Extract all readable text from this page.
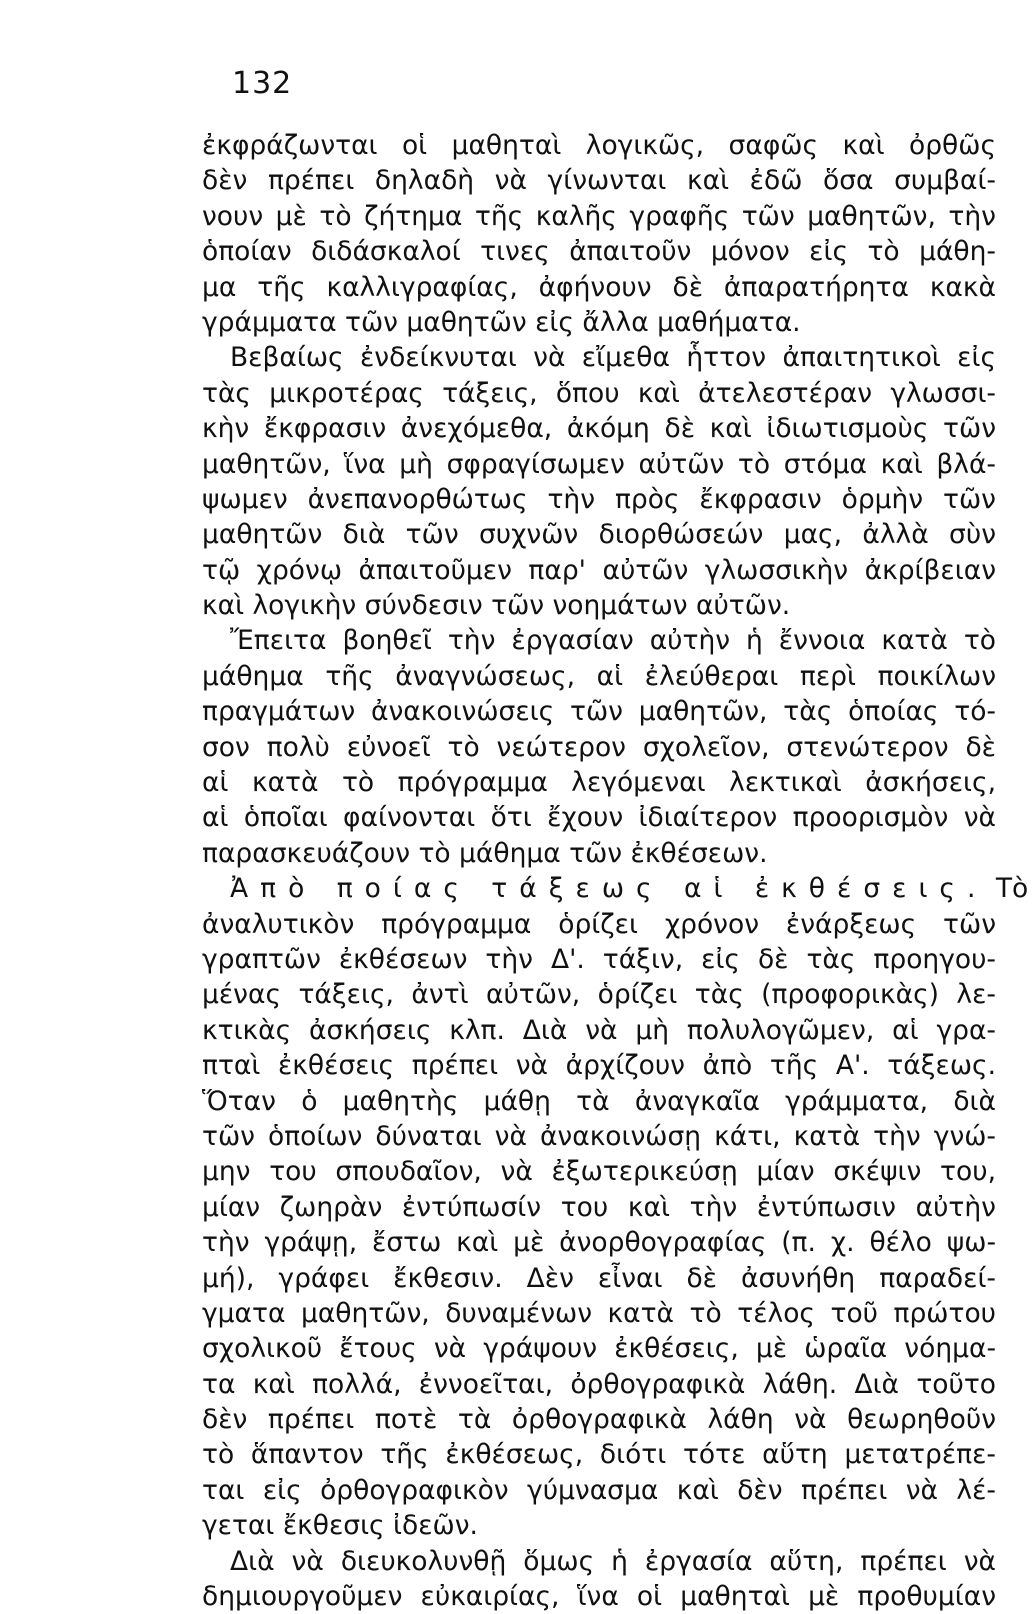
132
ἐκφράζωνται οἱ μαθηταὶ λογικῶς, σαφῶς καὶ ὀρθῶς
δὲν πρέπει δηλαδὴ νὰ γίνωνται καὶ ἐδῶ ὅσα συμβαί-
νουν μὲ τὸ ζήτημα τῆς καλῆς γραφῆς τῶν μαθητῶν, τὴν
ὁποίαν διδάσκαλοί τινες ἀπαιτοῦν μόνον εἰς τὸ μάθη-
μα τῆς καλλιγραφίας, ἀφήνουν δὲ ἀπαρατήρητα κακὰ
γράμματα τῶν μαθητῶν εἰς ἄλλα μαθήματα.
Βεβαίως ἐνδείκνυται νὰ εἴμεθα ἧττον ἀπαιτητικοὶ εἰς
τὰς μικροτέρας τάξεις, ὅπου καὶ ἀτελεστέραν γλωσσι-
κὴν ἔκφρασιν ἀνεχόμεθα, ἀκόμη δὲ καὶ ἰδιωτισμοὺς τῶν
μαθητῶν, ἵνα μὴ σφραγίσωμεν αὐτῶν τὸ στόμα καὶ βλά-
ψωμεν ἀνεπανορθώτως τὴν πρὸς ἔκφρασιν ὁρμὴν τῶν
μαθητῶν διὰ τῶν συχνῶν διορθώσεών μας, ἀλλὰ σὺν
τῷ χρόνῳ ἀπαιτοῦμεν παρ' αὐτῶν γλωσσικὴν ἀκρίβειαν
καὶ λογικὴν σύνδεσιν τῶν νοημάτων αὐτῶν.
Ἔπειτα βοηθεῖ τὴν ἐργασίαν αὐτὴν ἡ ἔννοια κατὰ τὸ
μάθημα τῆς ἀναγνώσεως, αἱ ἐλεύθεραι περὶ ποικίλων
πραγμάτων ἀνακοινώσεις τῶν μαθητῶν, τὰς ὁποίας τό-
σον πολὺ εὐνοεῖ τὸ νεώτερον σχολεῖον, στενώτερον δὲ
αἱ κατὰ τὸ πρόγραμμα λεγόμεναι λεκτικαὶ ἀσκήσεις,
αἱ ὁποῖαι φαίνονται ὅτι ἔχουν ἰδιαίτερον προορισμὸν νὰ
παρασκευάζουν τὸ μάθημα τῶν ἐκθέσεων.
Ἀπὸ ποίας τάξεως αἱ ἐκθέσεις. Τὸ
ἀναλυτικὸν πρόγραμμα ὁρίζει χρόνον ἐνάρξεως τῶν
γραπτῶν ἐκθέσεων τὴν Δ'. τάξιν, εἰς δὲ τὰς προηγου-
μένας τάξεις, ἀντὶ αὐτῶν, ὁρίζει τὰς (προφορικὰς) λε-
κτικὰς ἀσκήσεις κλπ. Διὰ νὰ μὴ πολυλογῶμεν, αἱ γρα-
πταὶ ἐκθέσεις πρέπει νὰ ἀρχίζουν ἀπὸ τῆς Α'. τάξεως.
Ὅταν ὁ μαθητὴς μάθῃ τὰ ἀναγκαῖα γράμματα, διὰ
τῶν ὁποίων δύναται νὰ ἀνακοινώσῃ κάτι, κατὰ τὴν γνώ-
μην του σπουδαῖον, νὰ ἐξωτερικεύσῃ μίαν σκέψιν του,
μίαν ζωηρὰν ἐντύπωσίν του καὶ τὴν ἐντύπωσιν αὐτὴν
τὴν γράψῃ, ἔστω καὶ μὲ ἀνορθογραφίας (π. χ. θέλο ψω-
μή), γράφει ἔκθεσιν. Δὲν εἶναι δὲ ἀσυνήθη παραδεί-
γματα μαθητῶν, δυναμένων κατὰ τὸ τέλος τοῦ πρώτου
σχολικοῦ ἔτους νὰ γράψουν ἐκθέσεις, μὲ ὡραῖα νόημα-
τα καὶ πολλά, ἐννοεῖται, ὀρθογραφικὰ λάθη. Διὰ τοῦτο
δὲν πρέπει ποτὲ τὰ ὀρθογραφικὰ λάθη νὰ θεωρηθοῦν
τὸ ἅπαντον τῆς ἐκθέσεως, διότι τότε αὕτη μετατρέπε-
ται εἰς ὀρθογραφικὸν γύμνασμα καὶ δὲν πρέπει νὰ λέ-
γεται ἔκθεσις ἰδεῶν.
Διὰ νὰ διευκολυνθῇ ὅμως ἡ ἐργασία αὕτη, πρέπει νὰ
δημιουργοῦμεν εὐκαιρίας, ἵνα οἱ μαθηταὶ μὲ προθυμίαν
